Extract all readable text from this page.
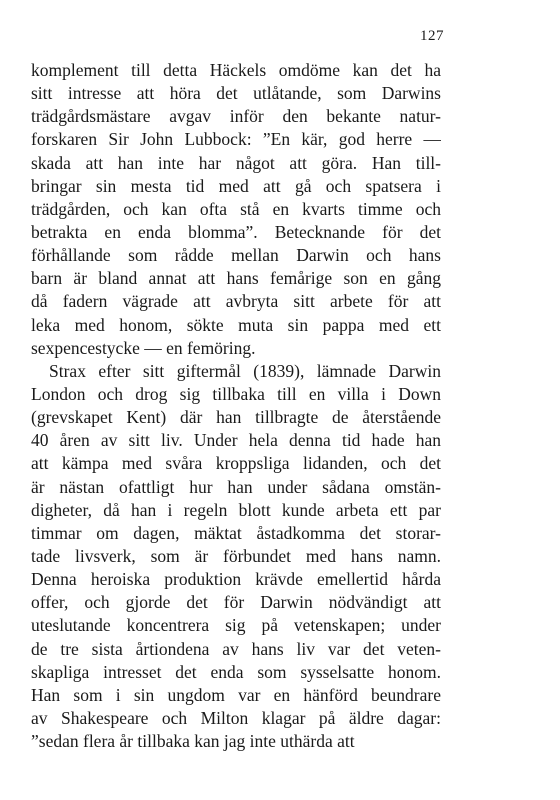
127
komplement till detta Häckels omdöme kan det ha
sitt intresse att höra det utlåtande, som Darwins
trädgårdsmästare avgav inför den bekante natur-
forskaren Sir John Lubbock: ”En kär, god herre —
skada att han inte har något att göra. Han till-
bringar sin mesta tid med att gå och spatsera i
trädgården, och kan ofta stå en kvarts timme och
betrakta en enda blomma”. Betecknande för det
förhållande som rådde mellan Darwin och hans
barn är bland annat att hans femårige son en gång
då fadern vägrade att avbryta sitt arbete för att
leka med honom, sökte muta sin pappa med ett
sexpencestycke — en femöring.
Strax efter sitt giftermål (1839), lämnade Darwin
London och drog sig tillbaka till en villa i Down
(grevskapet Kent) där han tillbragte de återstående
40 åren av sitt liv. Under hela denna tid hade han
att kämpa med svåra kroppsliga lidanden, och det
är nästan ofattligt hur han under sådana omstän-
digheter, då han i regeln blott kunde arbeta ett par
timmar om dagen, mäktat åstadkomma det storar-
tade livsverk, som är förbundet med hans namn.
Denna heroiska produktion krävde emellertid hårda
offer, och gjorde det för Darwin nödvändigt att
uteslutande koncentrera sig på vetenskapen; under
de tre sista årtiondena av hans liv var det veten-
skapliga intresset det enda som sysselsatte honom.
Han som i sin ungdom var en hänförd beundrare
av Shakespeare och Milton klagar på äldre dagar:
”sedan flera år tillbaka kan jag inte uthärda att
